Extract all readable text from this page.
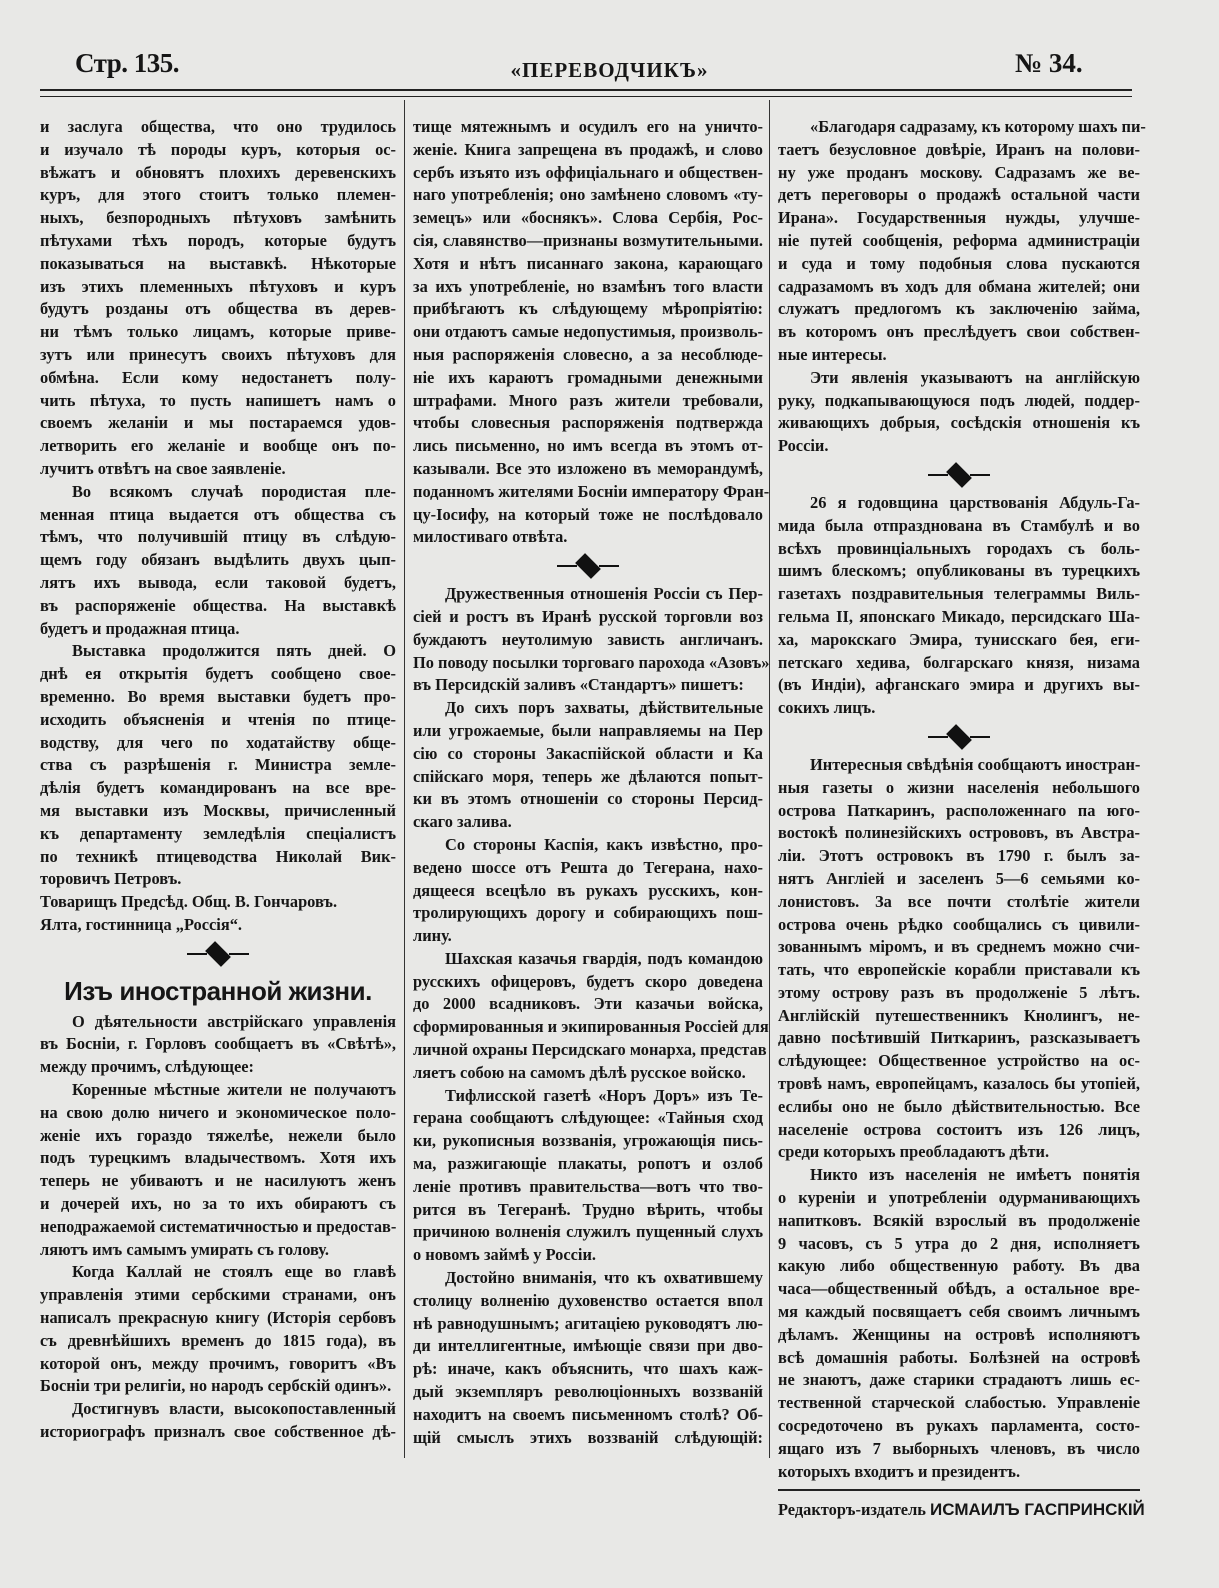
Стр. 135.	«ПЕРЕВОДЧИКЪ»	№ 34.
и заслуга общества, что оно трудилось
и изучало тѣ породы куръ, которыя ос-
вѣжатъ и обновятъ плохихъ деревенскихъ
куръ, для этого стоитъ только племен-
ныхъ, безпородныхъ пѣтуховъ замѣнить
пѣтухами тѣхъ породъ, которые будутъ
показываться на выставкѣ. Нѣкоторые
изъ этихъ племенныхъ пѣтуховъ и куръ
будутъ розданы отъ общества въ дерев-
ни тѣмъ только лицамъ, которые приве-
зутъ или принесутъ своихъ пѣтуховъ для
обмѣна. Если кому недостанетъ полу-
чить пѣтуха, то пусть напишетъ намъ о
своемъ желанiи и мы постараемся удов-
летворить его желанiе и вообще онъ по-
лучитъ отвѣтъ на свое заявленiе.
Во всякомъ случаѣ породистая пле-
менная птица выдается отъ общества съ
тѣмъ, что получившiй птицу въ слѣдую-
щемъ году обязанъ выдѣлить двухъ цып-
лятъ ихъ вывода, если таковой будетъ,
въ распоряженiе общества. На выставкѣ
будетъ и продажная птица.
Выставка продолжится пять дней. О
днѣ ея открытiя будетъ сообщено свое-
временно. Во время выставки будетъ про-
исходить объясненiя и чтенiя по птице-
водству, для чего по ходатайству обще-
ства съ разрѣшенiя г. Министра земле-
дѣлiя будетъ командированъ на все вре-
мя выставки изъ Москвы, причисленный
къ департаменту земледѣлiя спецiалистъ
по техникѣ птицеводства Николай Вик-
торовичъ Петровъ.
Товарищъ Предсѣд. Общ. В. Гончаровъ.
Ялта, гостинница „Россiя“.
Изъ иностранной жизни.
О дѣятельности австрiйскаго управленiя
въ Боснiи, г. Горловъ сообщаетъ въ «Свѣтѣ»,
между прочимъ, слѣдующее:
Коренные мѣстные жители не получаютъ
на свою долю ничего и экономическое поло-
женiе ихъ гораздо тяжелѣе, нежели было
подъ турецкимъ владычествомъ. Хотя ихъ
теперь не убиваютъ и не насилуютъ женъ
и дочерей ихъ, но за то ихъ обираютъ съ
неподражаемой систематичностью и предостав-
ляютъ имъ самымъ умирать съ голову.
Когда Каллай не стоялъ еще во главѣ
управленiя этими сербскими странами, онъ
написалъ прекрасную книгу (Исторiя сербовъ
съ древнѣйшихъ временъ до 1815 года), въ
которой онъ, между прочимъ, говоритъ «Въ
Боснiи три религiи, но народъ сербскiй одинъ».
Достигнувъ власти, высокопоставленный
историографъ призналъ свое собственное дѣ-
тище мятежнымъ и осудилъ его на уничто-
женiе. Книга запрещена въ продажѣ, и слово
сербъ изъято изъ оффицiальнаго и обществен-
наго употребленiя; оно замѣнено словомъ «ту-
земецъ» или «боснякъ». Слова Сербiя, Рос-
сiя, славянство—признаны возмутительными.
Хотя и нѣтъ писаннаго закона, карающаго
за ихъ употребленiе, но взамѣнъ того власти
прибѣгаютъ къ слѣдующему мѣропрiятiю:
они отдаютъ самые недопустимыя, произволь-
ныя распоряженiя словесно, а за несоблюде-
нiе ихъ караютъ громадными денежными
штрафами. Много разъ жители требовали,
чтобы словесныя распоряженiя подтвержда
лись письменно, но имъ всегда въ этомъ от-
казывали. Все это изложено въ меморандумѣ,
поданномъ жителями Боснiи императору Фран-
цу-Iосифу, на который тоже не послѣдовало
милостиваго отвѣта.
Дружественныя отношенiя Россiи съ Пер-
сiей и ростъ въ Иранѣ русской торговли воз
буждаютъ неутолимую зависть англичанъ.
По поводу посылки торговаго парохода «Азовъ»
въ Персидскiй заливъ «Стандартъ» пишетъ:
До сихъ поръ захваты, дѣйствительные
или угрожаемые, были направляемы на Пер
сiю со стороны Закаспiйской области и Ка
спiйскаго моря, теперь же дѣлаются попыт-
ки въ этомъ отношенiи со стороны Персид-
скаго залива.
Со стороны Каспiя, какъ извѣстно, про-
ведено шоссе отъ Решта до Тегерана, нахо-
дящееся всецѣло въ рукахъ русскихъ, кон-
тролирующихъ дорогу и собирающихъ пош-
лину.
Шахская казачья гвардiя, подъ командою
русскихъ офицеровъ, будетъ скоро доведена
до 2000 всадниковъ. Эти казачьи войска,
сформированныя и экипированныя Россiей для
личной охраны Персидскаго монарха, представ
ляетъ собою на самомъ дѣлѣ русское войско.
Тифлисской газетѣ «Норъ Доръ» изъ Те-
герана сообщаютъ слѣдующее: «Тайныя сход
ки, рукописныя воззванiя, угрожающiя пись-
ма, разжигающiе плакаты, ропотъ и озлоб
ленiе противъ правительства—вотъ что тво-
рится въ Тегеранѣ. Трудно вѣрить, чтобы
причиною волненiя служилъ пущенный слухъ
о новомъ займѣ у Россiи.
Достойно вниманiя, что къ охватившему
столицу волненiю духовенство остается впол
нѣ равнодушнымъ; агитацiею руководятъ лю-
ди интеллигентные, имѣющiе связи при дво-
рѣ: иначе, какъ объяснить, что шахъ каж-
дый экземпляръ революцiонныхъ воззванiй
находитъ на своемъ письменномъ столѣ? Об-
щiй смыслъ этихъ воззванiй слѣдующiй:
«Благодаря садразаму, къ которому шахъ пи-
таетъ безусловное довѣрiе, Иранъ на полови-
ну уже проданъ москову. Садразамъ же ве-
детъ переговоры о продажѣ остальной части
Ирана». Государственныя нужды, улучше-
нiе путей сообщенiя, реформа администрацiи
и суда и тому подобныя слова пускаются
садразамомъ въ ходъ для обмана жителей; они
служатъ предлогомъ къ заключенiю займа,
въ которомъ онъ преслѣдуетъ свои собствен-
ные интересы.
Эти явленiя указываютъ на англiйскую
руку, подкапывающуюся подъ людей, поддер-
живающихъ добрыя, сосѣдскiя отношенiя къ
Россiи.
26 я годовщина царствованiя Абдуль-Га-
мида была отпразднована въ Стамбулѣ и во
всѣхъ провинцiальныхъ городахъ съ боль-
шимъ блескомъ; опубликованы въ турецкихъ
газетахъ поздравительныя телеграммы Виль-
гельма II, японскаго Микадо, персидскаго Ша-
ха, марокскаго Эмира, тунисскаго бея, еги-
петскаго хедива, болгарскаго князя, низама
(въ Индiи), афганскаго эмира и другихъ вы-
сокихъ лицъ.
Интересныя свѣдѣнiя сообщаютъ иностран-
ныя газеты о жизни населенiя небольшого
острова Паткаринъ, расположеннаго па юго-
востокѣ полинезiйскихъ острововъ, въ Австра-
лiи. Этотъ островокъ въ 1790 г. былъ за-
нятъ Англiей и заселенъ 5—6 семьями ко-
лонистовъ. За все почти столѣтiе жители
острова очень рѣдко сообщались съ цивили-
зованнымъ мiромъ, и въ среднемъ можно счи-
тать, что европейскiе корабли приставали къ
этому острову разъ въ продолженiе 5 лѣтъ.
Англiйскiй путешественникъ Кнолингъ, не-
давно посѣтившiй Питкаринъ, разсказываетъ
слѣдующее: Общественное устройство на ос-
тровѣ намъ, европейцамъ, казалось бы утопiей,
еслибы оно не было дѣйствительностью. Все
населенiе острова состоитъ изъ 126 лицъ,
среди которыхъ преобладаютъ дѣти.
Никто изъ населенiя не имѣетъ понятiя
о куренiи и употребленiи одурманивающихъ
напитковъ. Всякiй взрослый въ продолженiе
9 часовъ, съ 5 утра до 2 дня, исполняетъ
какую либо общественную работу. Въ два
часа—общественный обѣдъ, а остальное вре-
мя каждый посвящаетъ себя своимъ личнымъ
дѣламъ. Женщины на островѣ исполняютъ
всѣ домашнiя работы. Болѣзней на островѣ
не знаютъ, даже старики страдаютъ лишь ес-
тественной старческой слабостью. Управленiе
сосредоточено въ рукахъ парламента, состо-
ящаго изъ 7 выборныхъ членовъ, въ число
которыхъ входитъ и президентъ.
Редакторъ-издатель ИСМАИЛЪ ГАСПРИНСКIЙ
